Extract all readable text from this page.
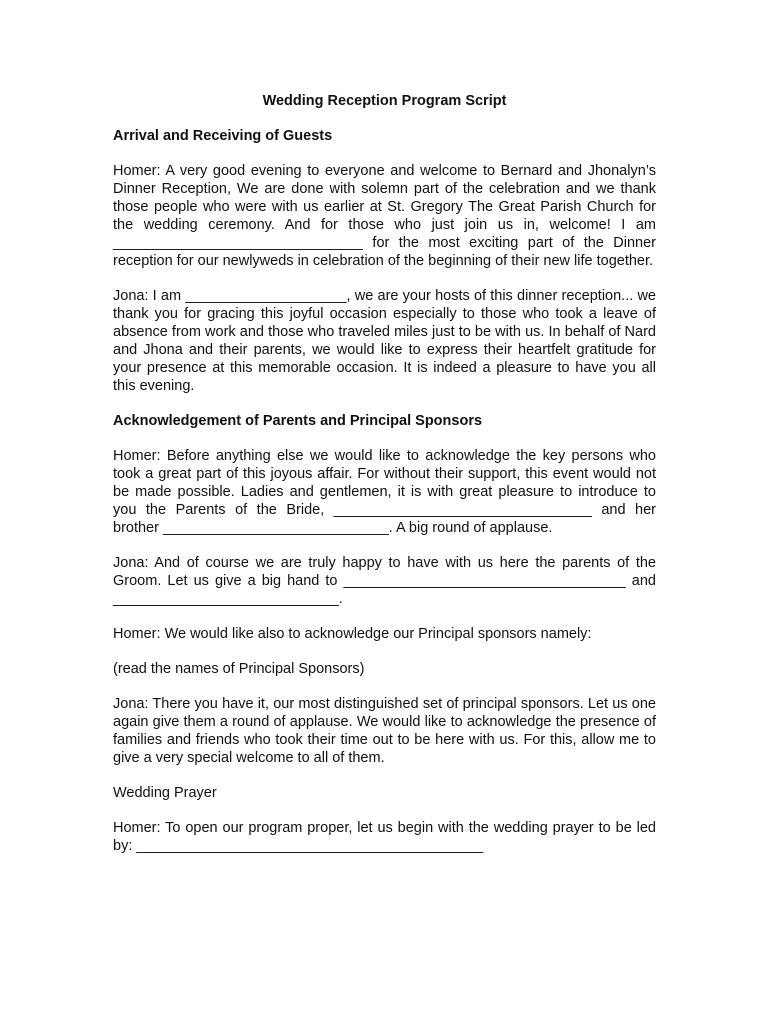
Wedding Reception Program Script
Arrival and Receiving of Guests

Homer: A very good evening to everyone and welcome to Bernard and Jhonalyn’s Dinner Reception, We are done with solemn part of the celebration and we thank those people who were with us earlier at St. Gregory The Great Parish Church for the wedding ceremony. And for those who just join us in, welcome! I am _______________________________ for the most exciting part of the Dinner reception for our newlyweds in celebration of the beginning of their new life together.

Jona: I am ____________________, we are your hosts of this dinner reception... we thank you for gracing this joyful occasion especially to those who took a leave of absence from work and those who traveled miles just to be with us. In behalf of Nard and Jhona and their parents, we would like to express their heartfelt gratitude for your presence at this memorable occasion. It is indeed a pleasure to have you all this evening.

Acknowledgement of Parents and Principal Sponsors

Homer: Before anything else we would like to acknowledge the key persons who took a great part of this joyous affair. For without their support, this event would not be made possible. Ladies and gentlemen, it is with great pleasure to introduce to you the Parents of the Bride, ________________________________ and her brother ____________________________. A big round of applause.

Jona: And of course we are truly happy to have with us here the parents of the Groom. Let us give a big hand to ___________________________________ and ____________________________.

Homer: We would like also to acknowledge our Principal sponsors namely:

(read the names of Principal Sponsors)

Jona: There you have it, our most distinguished set of principal sponsors. Let us one again give them a round of applause. We would like to acknowledge the presence of families and friends who took their time out to be here with us. For this, allow me to give a very special welcome to all of them.

Wedding Prayer

Homer: To open our program proper, let us begin with the wedding prayer to be led by: ___________________________________________
